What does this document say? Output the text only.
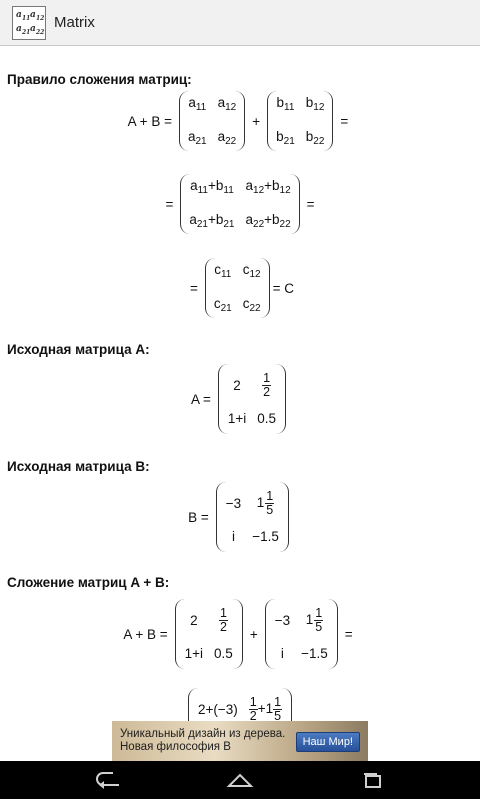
a 11 a 12
a 21 a 22
Matrix
Правило сложения матриц:
A + B =
$a_{11}$ $a_{12}$
$a_{21}$ $a_{22}$
+
$b_{11}$ $b_{12}$
$b_{21}$ $b_{22}$
=
=
$a_{11}+b_{11}$ $a_{12}+b_{12}$
$a_{21}+b_{21}$ $a_{22}+b_{22}$
=
=
$c_{11}$ $c_{12}$
$c_{21}$ $c_{22}$
= C
Исходная матрица A:
A =
$2 \frac{1}{2}$
1+i 0.5
Исходная матрица B:
B =
−3 $1 \frac{1}{5}$
i −1.5
Сложение матриц A + B:
A + B =
$2 \frac{1}{2}$
1+i 0.5
+
−3 $1 \frac{1}{5}$
i −1.5
=
$2+(-3) \frac{1}{2} +1 \frac{1}{5}$
Уникальный дизайн из дерева. Новая философия В	Наш Мир!
